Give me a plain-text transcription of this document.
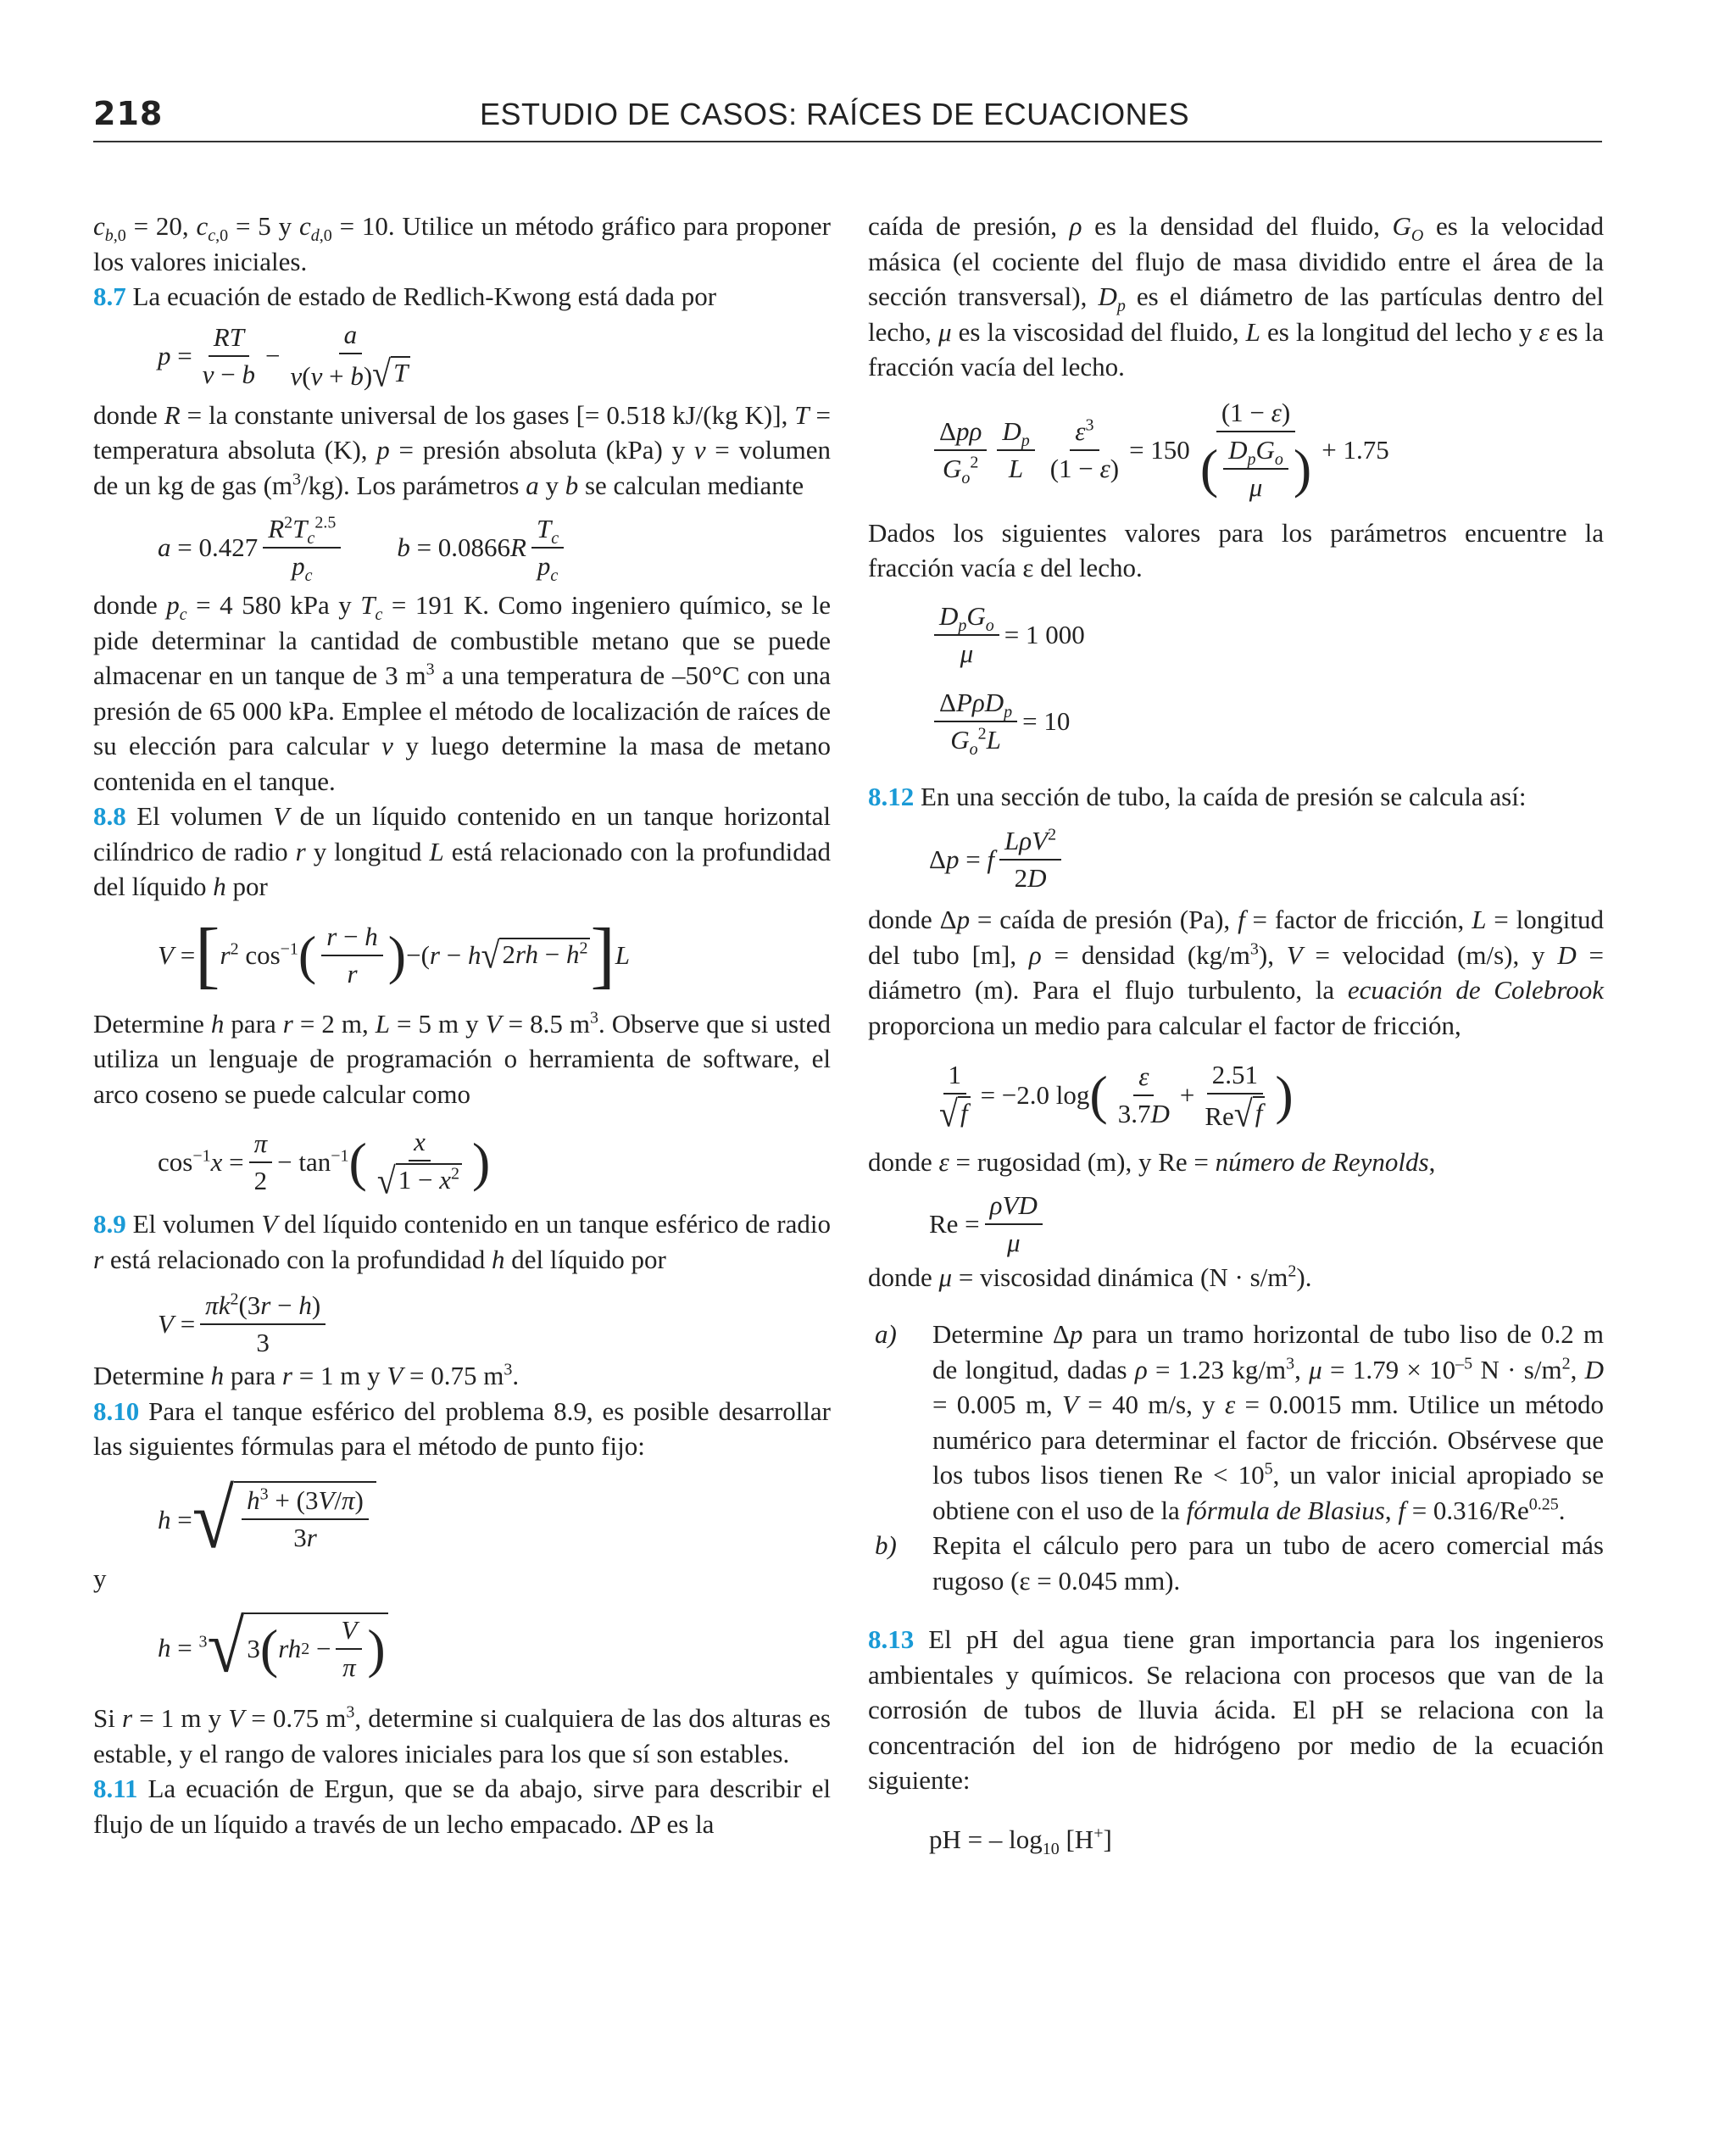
218	ESTUDIO DE CASOS: RAÍCES DE ECUACIONES

$c_{b,0} = 20$, $c_{c,0} = 5$ y $c_{d,0} = 10$. Utilice un método gráfico para proponer los valores iniciales.

8.7 La ecuación de estado de Redlich-Kwong está dada por

$p = \frac{RT}{v - b} - \frac{a}{v(v + b) √ T}$

donde R = la constante universal de los gases [= 0.518 kJ/(kg K)], T = temperatura absoluta (K), p = presión absoluta (kPa) y v = volumen de un kg de gas $(m^3/kg)$. Los parámetros a y b se calculan mediante

$a = 0.427 \frac{R^2T_c^{2.5}}{p_c}$ b = 0.0866 R $\frac{T_c}{p_c}$

donde $p_c = 4$ 580 kPa y $T_c = 191$ K. Como ingeniero químico, se le pide determinar la cantidad de combustible metano que se puede almacenar en un tanque de 3 $m^3$ a una temperatura de –50°C con una presión de 65 000 kPa. Emplee el método de localización de raíces de su elección para calcular v y luego determine la masa de metano contenida en el tanque.

8.8 El volumen V de un líquido contenido en un tanque horizontal cilíndrico de radio r y longitud L está relacionado con la profundidad del líquido h por

V = [ $r^2$ $\cos^{-1}$ ( $\frac{r - h}{r}$ ) −( r − h √ $2rh - h^2$ ] L

Determine h para r = 2 m, L = 5 m y V = 8.5 $m^3$. Observe que si usted utiliza un lenguaje de programación o herramienta de software, el arco coseno se puede calcular como

$\cos^{-1} x = \frac{\pi}{2} - \tan^{-1}$ ( $\frac{x}{√ 1 - x^2}$ )

8.9 El volumen V del líquido contenido en un tanque esférico de radio r está relacionado con la profundidad h del líquido por

$V = \frac{\pi k^2(3r - h)}{3}$

Determine h para r = 1 m y V = 0.75 $m^3$.

8.10 Para el tanque esférico del problema 8.9, es posible desarrollar las siguientes fórmulas para el método de punto fijo:

h = √ $\frac{h^3 + (3V/\pi)}{3r}$

y

h = $^3$ √ 3 ( rh $2 - \frac{V}{\pi}$ )

Si r = 1 m y V = 0.75 $m^3$, determine si cualquiera de las dos alturas es estable, y el rango de valores iniciales para los que sí son estables.

8.11 La ecuación de Ergun, que se da abajo, sirve para describir el flujo de un líquido a través de un lecho empacado. ΔP es la

caída de presión, ρ es la densidad del fluido, $G_O$ es la velocidad másica (el cociente del flujo de masa dividido entre el área de la sección transversal), $D_p$ es el diámetro de las partículas dentro del lecho, μ es la viscosidad del fluido, L es la longitud del lecho y ε es la fracción vacía del lecho.

$\frac{\text{Δpρ}}{G_o^2} \frac{D_p}{L} \frac{\varepsilon^3}{(1 - \varepsilon)} = 150 \frac{(1 - \varepsilon)}{( \frac{D_pG_o}{\mu} )} + 1.75$

Dados los siguientes valores para los parámetros encuentre la fracción vacía ε del lecho.

$\frac{D_pG_o}{\mu} = 1$ 000
$\frac{\Delta P\rho D_p}{G_o^2L} = 10$

8.12 En una sección de tubo, la caída de presión se calcula así:

Δ p = f $\frac{L\rho V^2}{2D}$

donde Δp = caída de presión (Pa), f = factor de fricción, L = longitud del tubo [m], ρ = densidad $(kg/m^3)$, V = velocidad (m/s), y D = diámetro (m). Para el flujo turbulento, la ecuación de Colebrook proporciona un medio para calcular el factor de fricción,

$\frac{1}{√ f} = -2.0$ log ( $\frac{\varepsilon}{3.7D} + \frac{2.51}{Re √ f}$ )

donde ε = rugosidad (m), y Re = número de Reynolds,

$Re = \frac{\text{ρVD}}{\mu}$

donde μ = viscosidad dinámica $(N \cdot s/m^2)$.

a)	Determine Δp para un tramo horizontal de tubo liso de 0.2 m de longitud, dadas ρ = 1.23 $kg/m^3$, $\mu = 1.79 \times 10^{-5}$ $N \cdot s/m^2$, D = 0.005 m, V = 40 m/s, y ε = 0.0015 mm. Utilice un método numérico para determinar el factor de fricción. Obsérvese que los tubos lisos tienen $Re < 10^5$, un valor inicial apropiado se obtiene con el uso de la fórmula de Blasius, $f = 0.316/Re^{0.25}$.
b)	Repita el cálculo pero para un tubo de acero comercial más rugoso (ε = 0.045 mm).

8.13 El pH del agua tiene gran importancia para los ingenieros ambientales y químicos. Se relaciona con procesos que van de la corrosión de tubos de lluvia ácida. El pH se relaciona con la concentración del ion de hidrógeno por medio de la ecuación siguiente:

pH = – $\log_{10} [H^+]$
